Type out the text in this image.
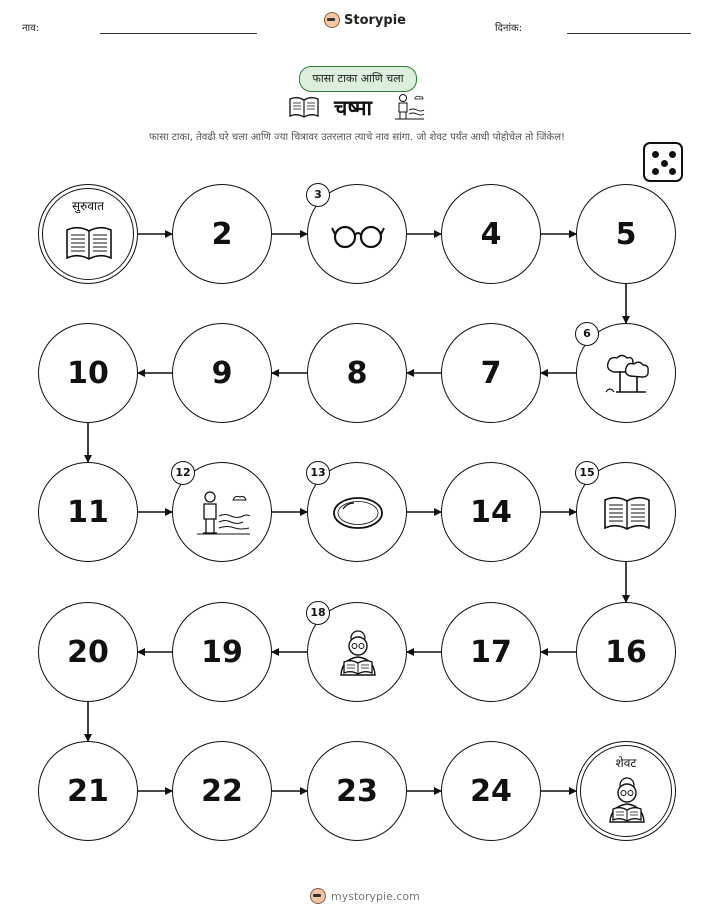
नाव:
Storypie
दिनांक:
फासा टाका आणि चला
चष्मा
फासा टाका, तेवढी घरे चला आणि ज्या चित्रावर उतरलात त्याचे नाव सांगा. जो शेवट पर्यंत आधी पोहोचेल तो जिंकेल!
सुरुवात
2
3
4	5
6
7
8
9
10
11
12	13
14
15
16
17
18
19
20
21	22	23	24
शेवट
mystorypie.com
